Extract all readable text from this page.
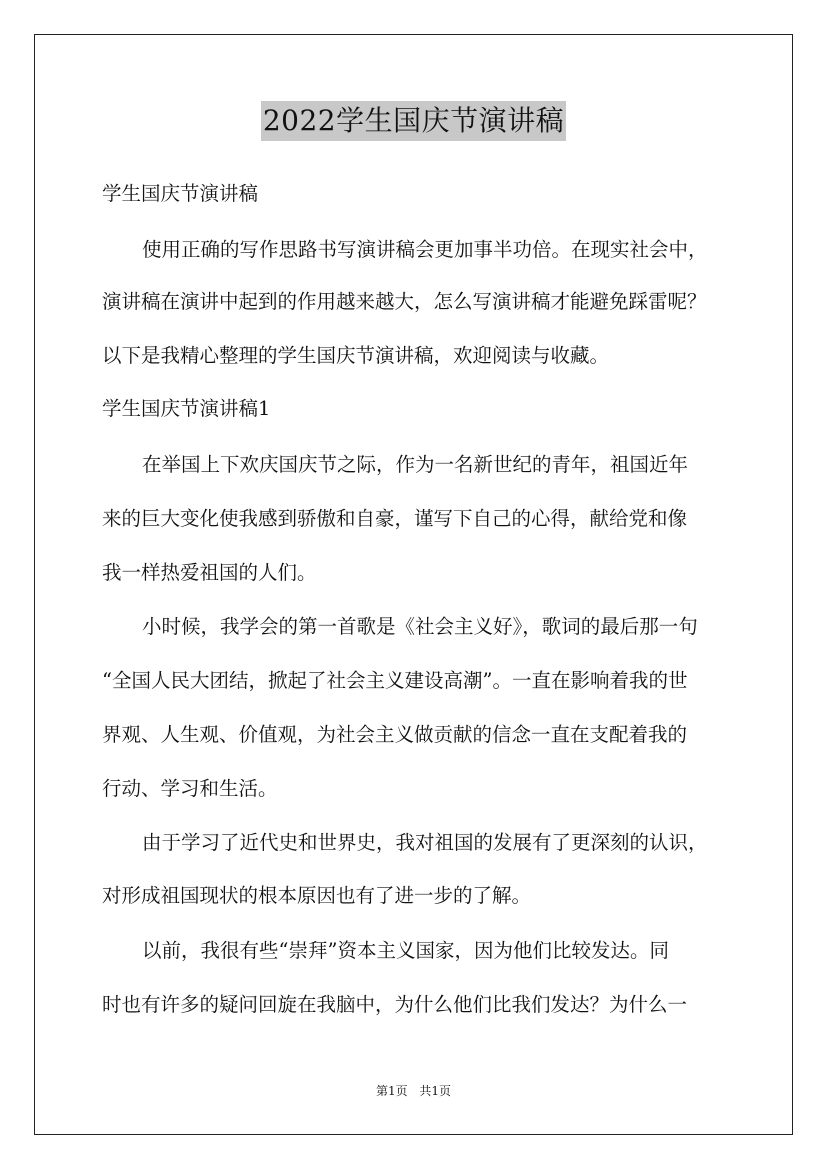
2022学生国庆节演讲稿
学生国庆节演讲稿
使用正确的写作思路书写演讲稿会更加事半功倍。在现实社会中，
演讲稿在演讲中起到的作用越来越大，怎么写演讲稿才能避免踩雷呢？
以下是我精心整理的学生国庆节演讲稿，欢迎阅读与收藏。
学生国庆节演讲稿1
在举国上下欢庆国庆节之际，作为一名新世纪的青年，祖国近年
来的巨大变化使我感到骄傲和自豪，谨写下自己的心得，献给党和像
我一样热爱祖国的人们。
小时候，我学会的第一首歌是《社会主义好》，歌词的最后那一句
“全国人民大团结，掀起了社会主义建设高潮”。一直在影响着我的世
界观、人生观、价值观，为社会主义做贡献的信念一直在支配着我的
行动、学习和生活。
由于学习了近代史和世界史，我对祖国的发展有了更深刻的认识，
对形成祖国现状的根本原因也有了进一步的了解。
以前，我很有些“崇拜”资本主义国家，因为他们比较发达。同
时也有许多的疑问回旋在我脑中，为什么他们比我们发达？为什么一
第1页 共1页
